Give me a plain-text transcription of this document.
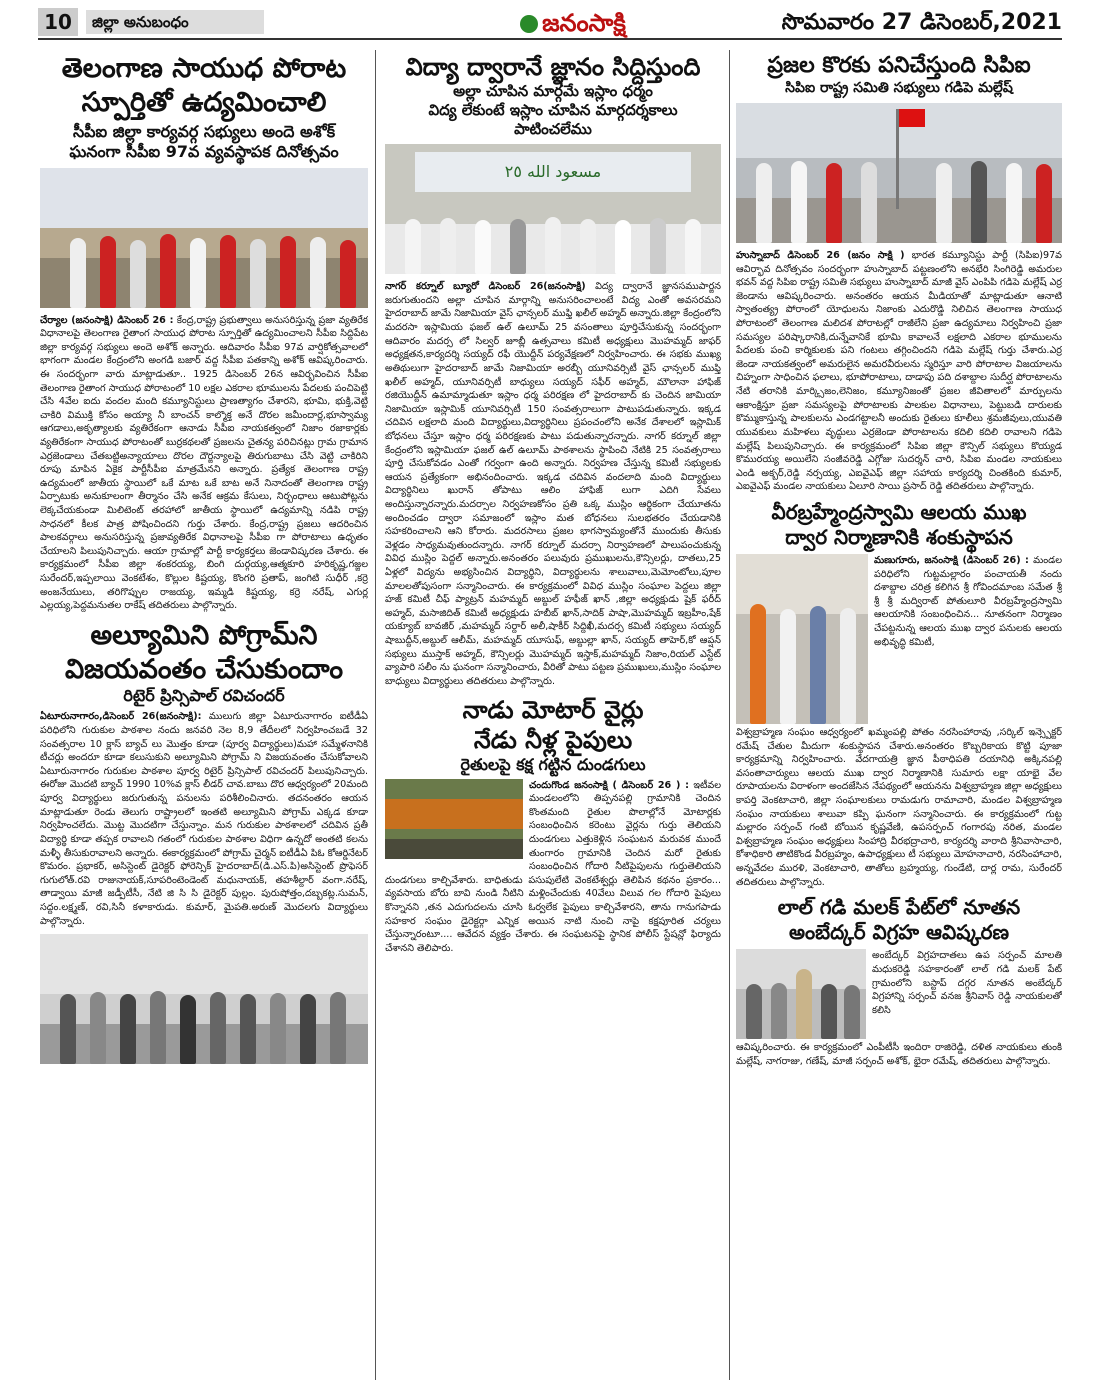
10	జిల్లా అనుబంధం	జనంసాక్షి	సొమవారం 27 డిసెంబర్,2021

తెలంగాణ సాయుధ పోరాట

స్పూర్తితో ఉద్యమించాలి

సీపీఐ జిల్లా కార్యవర్గ సభ్యులు అందె అశోక్

ఘనంగా సీపీఐ 97వ వ్యవస్థాపక దినోత్సవం

చేర్యాల (జనంసాక్షి) డిసెంబర్ 26 : కేంద్ర,రాష్ట్ర ప్రభుత్వాలు అనుసరిస్తున్న ప్రజా వ్యతిరేక విధానాలపై తెలంగాణ రైతాంగ సాయుధ పోరాట స్పూర్తితో ఉద్యమించాలని సీపీఐ సిద్దిపేట జిల్లా కార్యవర్గ సభ్యులు అందె అశోక్ అన్నారు. ఆదివారం సీపీఐ 97వ వార్షికోత్సవాలలో భాగంగా మండల కేంద్రంలోని అంగడి బజార్ వద్ద సీపీఐ పతకాన్ని అశోక్ ఆవిష్కరించారు. ఈ సందర్భంగా వారు మాట్లాడుతూ.. 1925 డిసెంబర్ 26న ఆవిర్భవించిన సీపీఐ తెలంగాణ రైతాంగ సాయుధ పోరాటంలో 10 లక్షల ఎకరాల భూములను పేదలకు పంచిపెట్టి చేసి 4వేల ఐదు వందల మంది కమ్యూనిస్టులు ప్రాణత్యాగం చేశారని, భూమి, భుక్తి,వెట్టి చాకిరి విముక్తి కోసం అయ్యా నీ బాంచన్ కాల్మొక్త అనే దొరల జమీందార్ల,భూస్వామ్య ఆగడాలు,అకృత్యాలకు వ్యతిరేకంగా ఆనాడు సీపీఐ నాయకత్వంలో నిజాం రజాకార్లకు వ్యతిరేకంగా సాయుధ పోరాటంతో బుర్రకథలతో ప్రజలను చైతన్య పరిచినట్లు గ్రామ గ్రామాన ఎర్రజెండాలు చేతబట్టిఅన్యాయాలు దొరల దౌర్జన్యాలపై తిరుగుబాటు చేసి వెట్టి చాకిరిని రూపు మాపిన ఏకైక పార్టీసీపీఐ మాత్రమేనని అన్నారు. ప్రత్యేక తెలంగాణ రాష్ట్ర ఉద్యమంలో జాతీయ స్థాయిలో ఒకే మాట ఒకే బాట అనే నినాదంతో తెలంగాణ రాష్ట్ర ఏర్పాటుకు అనుకూలంగా తీర్మానం చేసి అనేక ఆక్రమ కేసులు, నిర్బంధాలు ఆటుపోట్లను లెక్కచేయకుండా మిలిటెంట్ తరహాలో జాతీయ స్థాయిలో ఉద్యమాన్ని నడిపి రాష్ట్ర సాధనలో కీలక పాత్ర పోషించిందని గుర్తు చేశారు. కేంద్ర,రాష్ట్ర ప్రజలు ఆదరించిన పాలకవర్గాలు అనుసరిస్తున్న ప్రజావ్యతిరేక విధానాలపై సీపీఐ గా పోరాటాలు ఉధృతం చేయాలని పిలుపునిచ్చారు. ఆయా గ్రామాల్లో పార్టీ కార్యకర్తలు జెండావిష్కరణ చేశారు. ఈ కార్యక్రమంలో సీపీఐ జిల్లా శంకరయ్య, బింగి దుర్గయ్య,ఆత్మకూరి హరికృష్ణ,గజ్జల సురేందర్,ఇప్పలాయి వెంకటేశం, కొల్లుల కిష్టయ్య, కొంగరి ప్రతాప్, జంగిటి సుధీర్ ,కర్రె అంజనేయులు, తరిగొప్పుల రాజయ్య, ఇమ్మడి కిష్టయ్య, కర్రె నరేష్, ఎగుర్ల ఎల్లయ్య,పెద్దమనుతల రాకేష్ తదితరులు పాల్గొన్నారు.

అల్యూమిని పోగ్రామ్‌ని

విజయవంతం చేసుకుందాం

రిటైర్ ప్రిన్సిపాల్ రవిచందర్

ఏటూరునాగారం,డిసెంబర్ 26(జనంసాక్షి): ములుగు జిల్లా ఏటూరునాగారం ఐటీడీఏ పరిధిలోని గురుకుల పాఠశాల నందు జనవరి నెల 8,9 తేదీలలో నిర్వహించబడే 32 సంవత్సరాల 10 క్లాస్ బ్యాచ్ లు మొత్తం కూడా (పూర్వ విద్యార్థులు)మహా సమ్మేళనానికి టీచర్లు అందరూ కూడా కలుసుకుని అల్యూమిని పోగ్రామ్ ని విజయవంతం చేసుకోవాలని ఏటూరునాగారం గురుకుల పాఠశాల పూర్వ రిటైర్ ప్రిన్సిపాల్ రవిచందర్ పిలుపునిచ్చారు. ఈరోజు మొదటి బ్యాచ్ 1990 10%వ క్లాస్ లీడర్ చావ.బాబు దొర ఆధ్వర్యంలో 20మంది పూర్వ విద్యార్థులు జరుగుతున్న పనులను పరిశీలించినారు. తదనంతరం ఆయన మాట్లాడుతూ రెండు తెలుగు రాష్ట్రాలలో ఇంతటి అల్యూమిని పోగ్రామ్ ఎక్కడ కూడా నిర్వహించలేదు. మొట్ట మొదటిగా చేస్తున్నాం. మన గురుకుల పాఠశాలలో చదివిన ప్రతీ విద్యార్థి కూడా తప్పక రావాలని గతంలో గురుకుల పాఠశాల విధిగా ఉన్నదో అంతటి కలను మళ్ళీ తీసుకురావాలని అన్నారు. ఈకార్యక్రమంలో పోగ్రామ్ చైర్మన్ ఐటీడీఏ పిఓ కోఆర్డినేటర్ కొమరం. ప్రభాకర్, అసిస్టెంట్ డైరెక్టర్ ఫోరెన్సిక్ హైదరాబాద్(డి.ఎస్.పి)అసిస్టెంట్ ప్రొఫెసర్ గుగులోత్.రవి రాజునాయక్,సూపరింటెండెంట్ మధునాయక్, తహశీల్దార్ వంగా.నరేష్, తాడ్వాయి మాజీ జడ్పీటీసీ, నేటి జి సి సి డైరెక్టర్ పుల్లం. పురుషోత్తం,దబ్బకట్ల.సుమన్, సద్దం.లక్ష్మణ్, రవి,సినీ కళాకారుడు. కుమార్, మైపతి.అరుణ్ మొదలగు విద్యార్థులు పాల్గొన్నారు.

విద్యా ద్వారానే జ్ఞానం సిద్దిస్తుంది

అల్లా చూపిన మార్గమే ఇస్లాం ధర్మం

విద్య లేకుంటే ఇస్లాం చూపిన మార్గదర్శకాలు

పాటించలేము

مسعود الله ٢٥

నాగర్ కర్నూల్ బ్యూరో డిసెంబర్ 26(జనంసాక్షి) విద్య ద్వారానే జ్ఞానసముపార్జన జరుగుతుందని అల్లా చూపిన మార్గాన్ని అనుసరించాలంటే విద్య ఎంతో అవసరమని హైదరాబాద్ జామే నిజామియా వైస్ ఛాన్సలర్ ముఫ్తి ఖలీల్ అహ్మద్ అన్నారు.జిల్లా కేంద్రంలోని మదరసా ఇస్లామియ ఫజల్ ఉల్ ఉలూమ్ 25 వసంతాలు పూర్తిచేసుకున్న సందర్భంగా ఆదివారం మదర్స లో సిల్వర్ జూబ్లీ ఉత్సవాలు కమిటీ అధ్యక్షులు మొహమ్మద్ జాఫర్ అధ్యక్షతన,కార్యదర్శి సయ్యద్ రఫీ యొద్దీన్ పర్యవేక్షణలో నిర్వహించారు. ఈ సభకు ముఖ్య అతిథులుగా హైదరాబాద్ జామే నిజామియా అరబ్బీ యూనివర్సిటీ వైస్ ఛాన్సలర్ ముఫ్తి ఖలీల్ అహ్మద్, యూనివర్సిటీ బాధ్యులు సయ్యద్ సఫీర్ అహ్మద్, మౌలానా హాఫిజ్ రజియొద్దీన్ ఉమామ్మాడుతూ ఇస్లాం ధర్మ పరిరక్షణ లో హైదరాబాద్ కు చెందిన జామియా నిజామియా ఇస్లామిక్ యూనివర్సిటీ 150 సంవత్సరాలుగా పాటుపడుతున్నారు. ఇక్కడ చదివిన లక్షలాది మంది విద్యార్థులు,విద్యార్థినిలు ప్రపంచంలోని అనేక దేశాలలో ఇస్లామిక్ బోధనలు చేస్తూ ఇస్లాం ధర్మ పరిరక్షణకు పాటు పడుతున్నారన్నారు. నాగర్ కర్నూల్ జిల్లా కేంద్రంలోని ఇస్లామియా ఫజల్ ఉల్ ఉలూమ్ పాఠశాలను స్థాపించి నేటికి 25 సంవత్సరాలు పూర్తి చేసుకోవడం ఎంతో గర్వంగా ఉంది అన్నారు. నిర్వహణ చేస్తున్న కమిటీ సభ్యులకు ఆయన ప్రత్యేకంగా అభినందించారు. ఇక్కడ చదివిన వందలాది మంది విద్యార్థులు విద్యార్థినిలు ఖురాన్ తోపాటు ఆలిం హాఫిజ్ లుగా ఎదిగి సేవలు అందిస్తున్నారన్నారు.మదర్సాల నిర్వహణకోసం ప్రతి ఒక్క ముస్లిం ఆర్థికంగా చేయూతను అందించడం ద్వారా సమాజంలో ఇస్లాం మత బోధనలు సులభతరం చేయడానికి సహకరించాలని ఆని కోరారు. మదరసాలు ప్రజల భాగస్వామ్యంతోనే ముందుకు తీసుకు వెళ్లడం సాధ్యమవుతుందన్నారు. నాగర్ కర్నూల్ మదర్సా నిర్వాహణలో పాలుపంచుకున్న వివిధ ముస్లిం పెద్దల్ అన్నారు.అనంతరం పలువురు ప్రముఖులను,కౌన్సిలర్లు, దాతలు,25 ఏళ్లలో విద్యను అభ్యసించిన విద్యార్థిని, విద్యార్థులను శాలువాలు,మెమోంటోలు,పూల మాలలతోపుసంగా సన్మానించారు. ఈ కార్యక్రమంలో వివిధ ముస్లిం సంఘాల పెద్దలు జిల్లా హజ్ కమిటీ చీఫ్ ప్యాట్రన్ మహమ్మద్ అబ్దుల్ హఫీజ్ ఖాన్ ,జిల్లా అధ్యక్షుడు షైక్ ఫరీద్ అహ్మద్, మసాజిదిత్ కమిటీ అధ్యక్షుడు హబీబ్ ఖాన్,సాదిక్ పాషా,మొహమ్మద్ ఇబ్రహీం,షేక్ యక్యూబ్ బావజీర్ ,మహమ్మద్ సర్దార్ అలీ,షాకీర్ సిద్దిఖీ,మదర్స కమిటీ సభ్యులు సయ్యద్ షాబుద్దీన్,అబ్దుల్ ఆలీమ్, మహమ్మద్ యూసుఫ్, అబ్దుల్లా ఖాన్, సయ్యద్ తాహెర్,కో ఆప్షన్ సభ్యులు ముస్తాక్ అహ్మద్, కౌన్సిలర్లు మొహమ్మద్ ఇస్హాక్,మహమ్మద్ నిజాం,రియల్ ఎస్టేట్ వ్యాపారి సలీం ను ఘనంగా సన్మానించారు, వీరితో పాటు పట్టణ ప్రముఖులు,ముస్లిం సంఘాల బాధ్యులు విద్యార్థులు తదితరులు పాల్గొన్నారు.

నాడు మోటార్ వైర్లు

నేడు నీళ్ల పైపులు

రైతులపై కక్ష గట్టిన దుండగులు

చందుగొండ జనంసాక్షి ( డిసెంబర్ 26 ) : ఇటీవల మండలంలోని తిప్పనపల్లి గ్రామానికి చెందిన కొంతమంది రైతుల పొలాల్లోనే మోటార్లకు సంబంధించిన కరెంటు వైర్లను గుర్తు తెలియని దుండగులు ఎత్తుకెళ్లిన సంఘటన మరువక ముందే తుంగారం గ్రామానికి చెందిన మరో రైతుకు సంబంధించిన గోదారి నీటిపైపులను గుర్తుతెలియని దుండగులు కాల్చివేశారు. బాధితుడు పసుపులేటి వెంకటేశ్వర్లు తెలిపిన కథనం ప్రకారం... వ్యవసాయ బోరు బావి నుండి నీటిని మళ్లించేందుకు 40వేలు విలువ గల గోదారి పైపులు కొన్నానని ,తన ఎదుగుదలను చూసి ఓర్వలేక పైపులు కాల్చివేశారని, తాను గానుగపాడు సహకార సంఘం డైరెక్టర్గా ఎన్నిక అయిన నాటి నుంచి నాపై కక్షపూరిత చర్యలు చేస్తున్నారంటూ.... ఆవేదన వ్యక్తం చేశారు. ఈ సంఘటనపై స్థానిక పోలీస్ స్టేషన్లో ఫిర్యాదు చేశానని తెలిపారు.

ప్రజల కొరకు పనిచేస్తుంది సిపిఐ

సిపిఐ రాష్ట్ర సమితి సభ్యులు గడిపె మల్లేష్

హుస్నాబాద్ డిసెంబర్ 26 (జనం సాక్షి ) భారత కమ్యూనిస్టు పార్టీ (సిపిఐ)97వ ఆవిర్భావ దినోత్సవం సందర్భంగా హుస్నాబాద్ పట్టణంలోని అనభేరి సింగిరెడ్డి అమరుల భవన్ వద్ద సిపిఐ రాష్ట్ర సమితి సభ్యులు హుస్నాబాద్ మాజీ వైస్ ఎంపిపి గడిపె మల్లేష్ ఎర్ర జెండాను ఆవిష్కరించారు. అనంతరం ఆయన మీడియాతో మాట్లాడుతూ ఆనాటి స్వాతంత్య్ర పోరాంలో యోధులను నిజాంకు ఎదురొడ్డి నిలిచిన తెలంగాణ సాయుధ పోరాటంలో తెలంగాణ మలిదశ పోరాటల్లో రాజీలేని ప్రజా ఉద్యమాలు నిర్వహించి ప్రజా సమస్యల పరిష్కారానికి,దున్నేవానికే భూమి కావాలనే లక్షలాది ఎకరాల భూములను పేదలకు పంచి కార్మికులకు పని గంటలు తగ్గించిందని గడిపె మల్లేష్ గుర్తు చేశారు.ఎర్ర జెండా నాయకత్వంలో అమరులైన అమరవీరులను స్మరిస్తూ వారి పోరాటాల విజయాలను చిహ్నంగా సాధించిన ఫలాలు, భూపోరాటాలు, దాడాపు పది దశాబ్దాల సుదీర్ఘ పోరాటాలను నేటి తరానికి మార్క్సిజం,లెనిజం, కమ్యూనిజంతో ప్రజల జీవితాలలో మార్పులను ఆకాంక్షిస్తూ ప్రజా సమస్యలపై పోరాటాలకు పాలకుల విధానాలు, పెట్టుబడి దారులకు కొమ్ముకాస్తున్న పాలకులను ఎండగట్టాలనీ అందుకు రైతులు కూలీలు శ్రమజీవులు,యువతి యువకులు మహిళలు వృద్ధులు ఎర్రజెండా పోరాటాలను కదిలి కదిలి రావాలని గడిపె మల్లేష్ పిలుపునిచ్చారు. ఈ కార్యక్రమంలో సిపిఐ జిల్లా కౌన్సిల్ సభ్యులు కొయ్యడ కొమురయ్య అయిలేని సంజీవరెడ్డి ఎగ్గోజు సుదర్శన్ చారి, సిపిఐ మండల నాయకులు ఎండి అక్బర్,రెడ్డి నర్సయ్య, ఎఐవైఎఫ్ జిల్లా సహాయ కార్యదర్శి చింతకింది కుమార్, ఎఐవైఎఫ్ మండల నాయకులు ఏలూరి సాయి ప్రసాద్ రెడ్డి తదితరులు పాల్గొన్నారు.

వీరబ్రహ్మేంద్రస్వామి ఆలయ ముఖ

ద్వార నిర్మాణానికి శంకుస్థాపన

మణుగూరు, జనంసాక్షి (డిసెంబర్ 26) : మండల పరిధిలోని గుట్టమల్లారం పంచాయతీ నందు దశాబ్దాల చరిత్ర కలిగిన శ్రీ గోవిందమాంబ సమేత శ్రీ శ్రీ శ్రీ మద్విరాట్ పోతులూరి వీరబ్రహ్మేంద్రస్వామి ఆలయానికి సంబంధించిన... నూతనంగా నిర్మాణం చేపట్టనున్న ఆలయ ముఖ ద్వార పనులకు ఆలయ అభివృద్ధి కమిటీ,

విశ్వబ్రాహ్మణ సంఘం ఆధ్వర్యంలో ఖమ్మంపల్లి పోతం నరసింహారావు ,సర్కిల్ ఇన్స్పెక్టర్ రమేష్ చేతుల మీదుగా శంకుస్థాపన చేశారు.అనంతరం కొబ్బరికాయ కొట్టి పూజా కార్యక్రమాన్ని నిర్వహించారు. వేదగాయత్రి జ్ఞాన పీఠాధిపతి దయానిధి అక్కినపల్లి వసంతాచార్యులు ఆలయ ముఖ ద్వార నిర్మాణానికి సుమారు లక్షా యాభై వేల రూపాయలను విరాళంగా అందజేసిన నేపథ్యంలో ఆయనను విశ్వబ్రాహ్మణ జిల్లా అధ్యక్షులు కాపర్తి వెంకటాచారి, జిల్లా సంఘాలకులు రామడుగు రామాచారి, మండల విశ్వబ్రాహ్మణ సంఘం నాయకులు శాలువా కప్పి ఘనంగా సన్మానించారు. ఈ కార్యక్రమంలో గుట్ట మల్లారం సర్పంచ్ గంటి బోయిన కృష్ణవేణి, ఉపసర్పంచ్ గంగారపు నరిత, మండల విశ్వబ్రాహ్మణ సంఘం అధ్యక్షులు సింహాద్రి వీరభద్రాచారి, కార్యదర్శి వారాది శ్రీనివాసాచారి, కోశాధికారి తాటికొండ వీరబ్రహ్మం, ఉపాధ్యక్షులు టీ సభ్యులు మోహనాచారి, నరసింహాచారి, అన్నవేదల మురళి, వెంకటాచారి, తాతోలు బ్రహ్మయ్య, గుండేటి, దార్ల రామ, సురేందర్ తదితరులు పాల్గొన్నారు.

లాల్ గడి మలక్ పేట్‌లో నూతన

అంబేద్కర్ విగ్రహ ఆవిష్కరణ

అంబేద్కర్ విగ్రహదాతలు ఉప సర్పంచ్ మాలతి మధుకరెడ్డి సహకారంతో లాల్ గడి మలక్ పేట్ గ్రామంలోని బస్టాప్ దగ్గర నూతన అంబేద్కర్ విగ్రహాన్ని సర్పంచ్ వనజ శ్రీనివాస్ రెడ్డి నాయకులతో కలిసి

ఆవిష్కరించారు. ఈ కార్యక్రమంలో ఎంపీటీసీ ఇందిరా రాజిరెడ్డి, దళిత నాయకులు తుంకి మల్లేష్, నాగరాజు, గణేష్, మాజీ సర్పంచ్ అశోక్, భైరా రమేష్, తదితరులు పాల్గొన్నారు.
